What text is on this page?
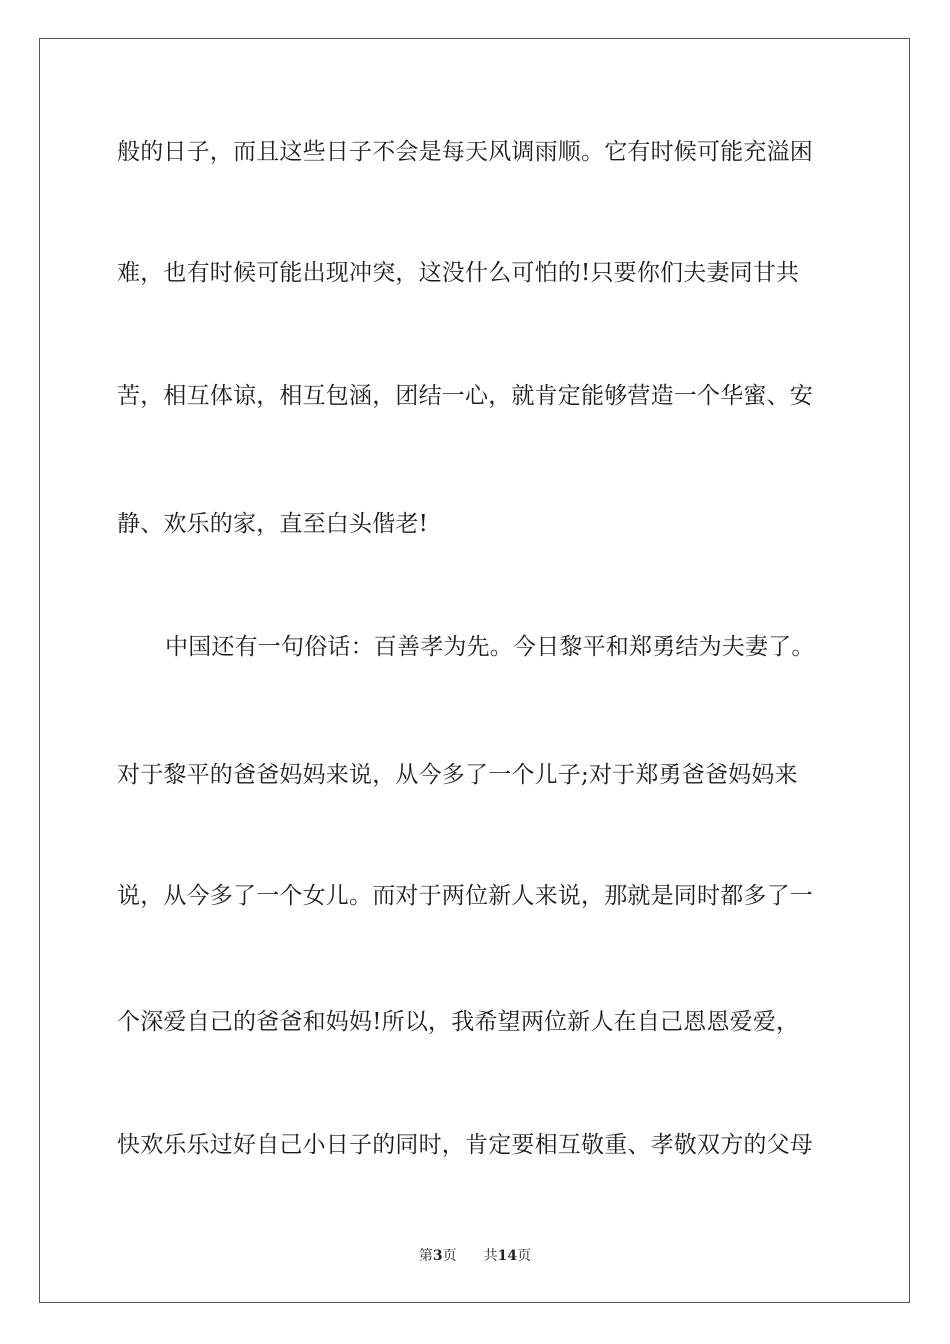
般的日子，而且这些日子不会是每天风调雨顺。它有时候可能充溢困
难，也有时候可能出现冲突，这没什么可怕的!只要你们夫妻同甘共
苦，相互体谅，相互包涵，团结一心，就肯定能够营造一个华蜜、安
静、欢乐的家，直至白头偕老!
中国还有一句俗话：百善孝为先。今日黎平和郑勇结为夫妻了。
对于黎平的爸爸妈妈来说，从今多了一个儿子;对于郑勇爸爸妈妈来
说，从今多了一个女儿。而对于两位新人来说，那就是同时都多了一
个深爱自己的爸爸和妈妈!所以，我希望两位新人在自己恩恩爱爱，
快欢乐乐过好自己小日子的同时，肯定要相互敬重、孝敬双方的父母
第3页 共14页
